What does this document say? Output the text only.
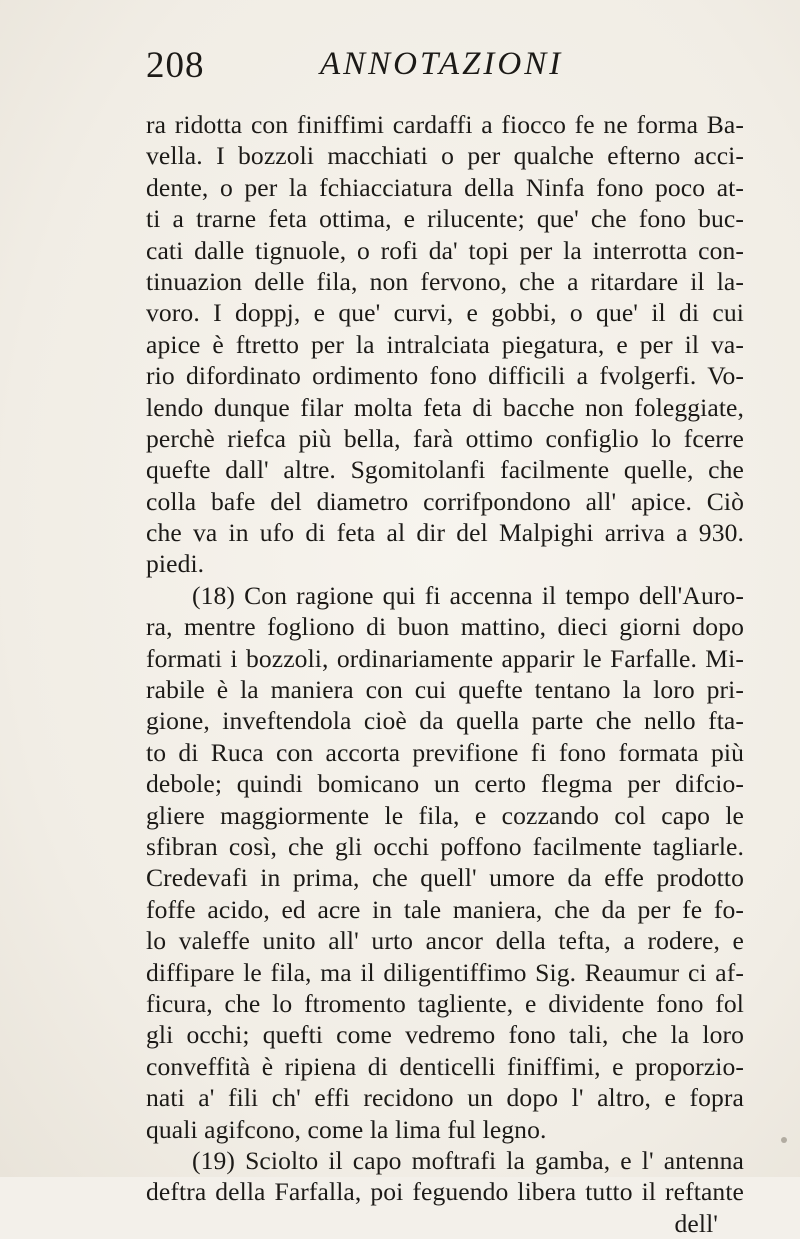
208	ANNOTAZIONI
ra ridotta con finiffimi cardaffi a fiocco fe ne forma Ba-
vella. I bozzoli macchiati o per qualche efterno acci-
dente, o per la fchiacciatura della Ninfa fono poco at-
ti a trarne feta ottima, e rilucente; que' che fono buc-
cati dalle tignuole, o rofi da' topi per la interrotta con-
tinuazion delle fila, non fervono, che a ritardare il la-
voro. I doppj, e que' curvi, e gobbi, o que' il di cui
apice è ftretto per la intralciata piegatura, e per il va-
rio difordinato ordimento fono difficili a fvolgerfi. Vo-
lendo dunque filar molta feta di bacche non foleggiate,
perchè riefca più bella, farà ottimo configlio lo fcerre
quefte dall' altre. Sgomitolanfi facilmente quelle, che
colla bafe del diametro corrifpondono all' apice. Ciò
che va in ufo di feta al dir del Malpighi arriva a 930.
piedi.
(18) Con ragione qui fi accenna il tempo dell'Auro-
ra, mentre fogliono di buon mattino, dieci giorni dopo
formati i bozzoli, ordinariamente apparir le Farfalle. Mi-
rabile è la maniera con cui quefte tentano la loro pri-
gione, inveftendola cioè da quella parte che nello fta-
to di Ruca con accorta previfione fi fono formata più
debole; quindi bomicano un certo flegma per difcio-
gliere maggiormente le fila, e cozzando col capo le
sfibran così, che gli occhi poffono facilmente tagliarle.
Credevafi in prima, che quell' umore da effe prodotto
foffe acido, ed acre in tale maniera, che da per fe fo-
lo valeffe unito all' urto ancor della tefta, a rodere, e
diffipare le fila, ma il diligentiffimo Sig. Reaumur ci af-
ficura, che lo ftromento tagliente, e dividente fono fol
gli occhi; quefti come vedremo fono tali, che la loro
conveffità è ripiena di denticelli finiffimi, e proporzio-
nati a' fili ch' effi recidono un dopo l' altro, e fopra
quali agifcono, come la lima ful legno.
(19) Sciolto il capo moftrafi la gamba, e l' antenna
deftra della Farfalla, poi feguendo libera tutto il reftante
dell'
